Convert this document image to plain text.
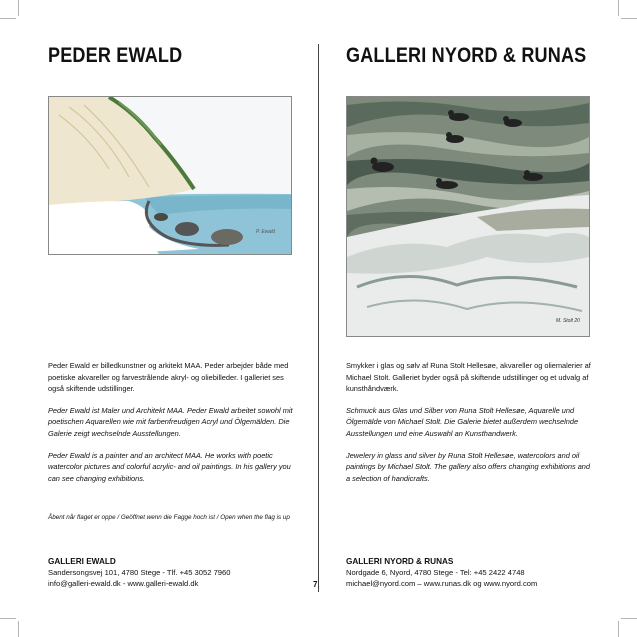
PEDER EWALD
P. Ewald

Peder Ewald er billedkunstner og arkitekt MAA. Peder arbejder både med poetiske akvareller og farvestrålende akryl- og oliebilleder. I galleriet ses også skiftende udstillinger.

Peder Ewald ist Maler und Architekt MAA. Peder Ewald arbeitet sowohl mit poetischen Aquarellen wie mit farbenfreudigen Acryl und Ölgemälden. Die Galerie zeigt wechselnde Ausstellungen.

Peder Ewald is a painter and an architect MAA. He works with poetic watercolor pictures and colorful acrylic- and oil paintings. In his gallery you can see changing exhibitions.

Åbent når flaget er oppe / Geöffnet wenn die Fagge hoch ist / Open when the flag is up
GALLERI EWALD
Sandersongsvej 101, 4780 Stege - Tlf. +45 3052 7960
info@galleri-ewald.dk - www.galleri-ewald.dk	7
GALLERI NYORD & RUNAS
M. Stolt 20

Smykker i glas og sølv af Runa Stolt Hellesøe, akvareller og oliemalerier af Michael Stolt. Galleriet byder også på skiftende udstillinger og et udvalg af kunsthåndværk.

Schmuck aus Glas und Silber von Runa Stolt Hellesøe, Aquarelle und Ölgemälde von Michael Stolt. Die Galerie bietet außerdem wechselnde Ausstellungen und eine Auswahl an Kunsthandwerk.

Jewelery in glass and silver by Runa Stolt Hellesøe, watercolors and oil paintings by Michael Stolt. The gallery also offers changing exhibitions and a selection of handicrafts.

GALLERI NYORD & RUNAS
Nordgade 6, Nyord, 4780 Stege - Tel: +45 2422 4748
michael@nyord.com – www.runas.dk og www.nyord.com
